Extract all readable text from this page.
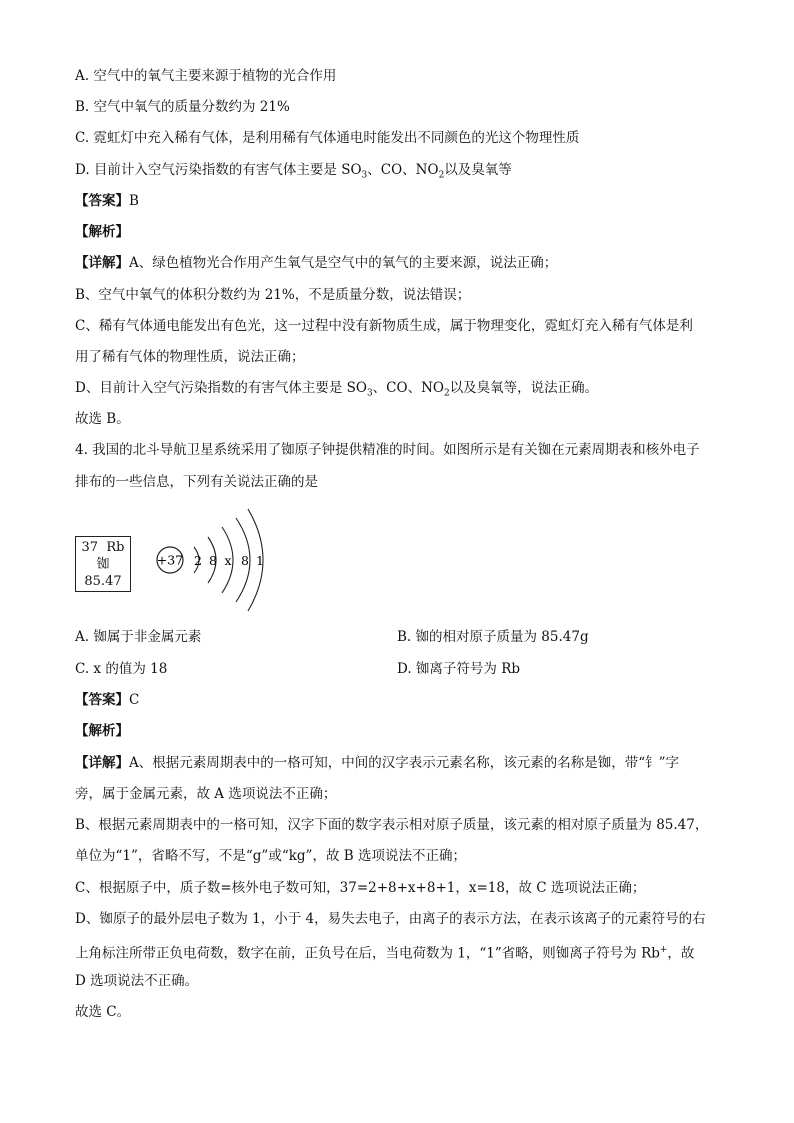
A. 空气中的氧气主要来源于植物的光合作用
B. 空气中氧气的质量分数约为 21%
C. 霓虹灯中充入稀有气体，是利用稀有气体通电时能发出不同颜色的光这个物理性质
D. 目前计入空气污染指数的有害气体主要是 $SO_3$、CO、$NO_2$以及臭氧等
【答案】B
【解析】
【详解】A、绿色植物光合作用产生氧气是空气中的氧气的主要来源，说法正确；
B、空气中氧气的体积分数约为 21%，不是质量分数，说法错误；
C、稀有气体通电能发出有色光，这一过程中没有新物质生成，属于物理变化，霓虹灯充入稀有气体是利
用了稀有气体的物理性质，说法正确；
D、目前计入空气污染指数的有害气体主要是 $SO_3$、CO、$NO_2$以及臭氧等，说法正确。
故选 B。
4. 我国的北斗导航卫星系统采用了铷原子钟提供精准的时间。如图所示是有关铷在元素周期表和核外电子
排布的一些信息，下列有关说法正确的是
37 Rb
铷
85.47
+37 2 8 x 8 1
A. 铷属于非金属元素	B. 铷的相对原子质量为 85.47g
C. x 的值为 18	D. 铷离子符号为 Rb
【答案】C
【解析】
【详解】A、根据元素周期表中的一格可知，中间的汉字表示元素名称，该元素的名称是铷，带“钅”字
旁，属于金属元素，故 A 选项说法不正确；
B、根据元素周期表中的一格可知，汉字下面的数字表示相对原子质量，该元素的相对原子质量为 85.47，
单位为“1”，省略不写，不是“g”或“kg”，故 B 选项说法不正确；
C、根据原子中，质子数=核外电子数可知，37=2+8+x+8+1，x=18，故 C 选项说法正确；
D、铷原子的最外层电子数为 1，小于 4，易失去电子，由离子的表示方法，在表示该离子的元素符号的右
上角标注所带正负电荷数，数字在前，正负号在后，当电荷数为 1，“1”省略，则铷离子符号为 Rb+，故
D 选项说法不正确。
故选 C。
